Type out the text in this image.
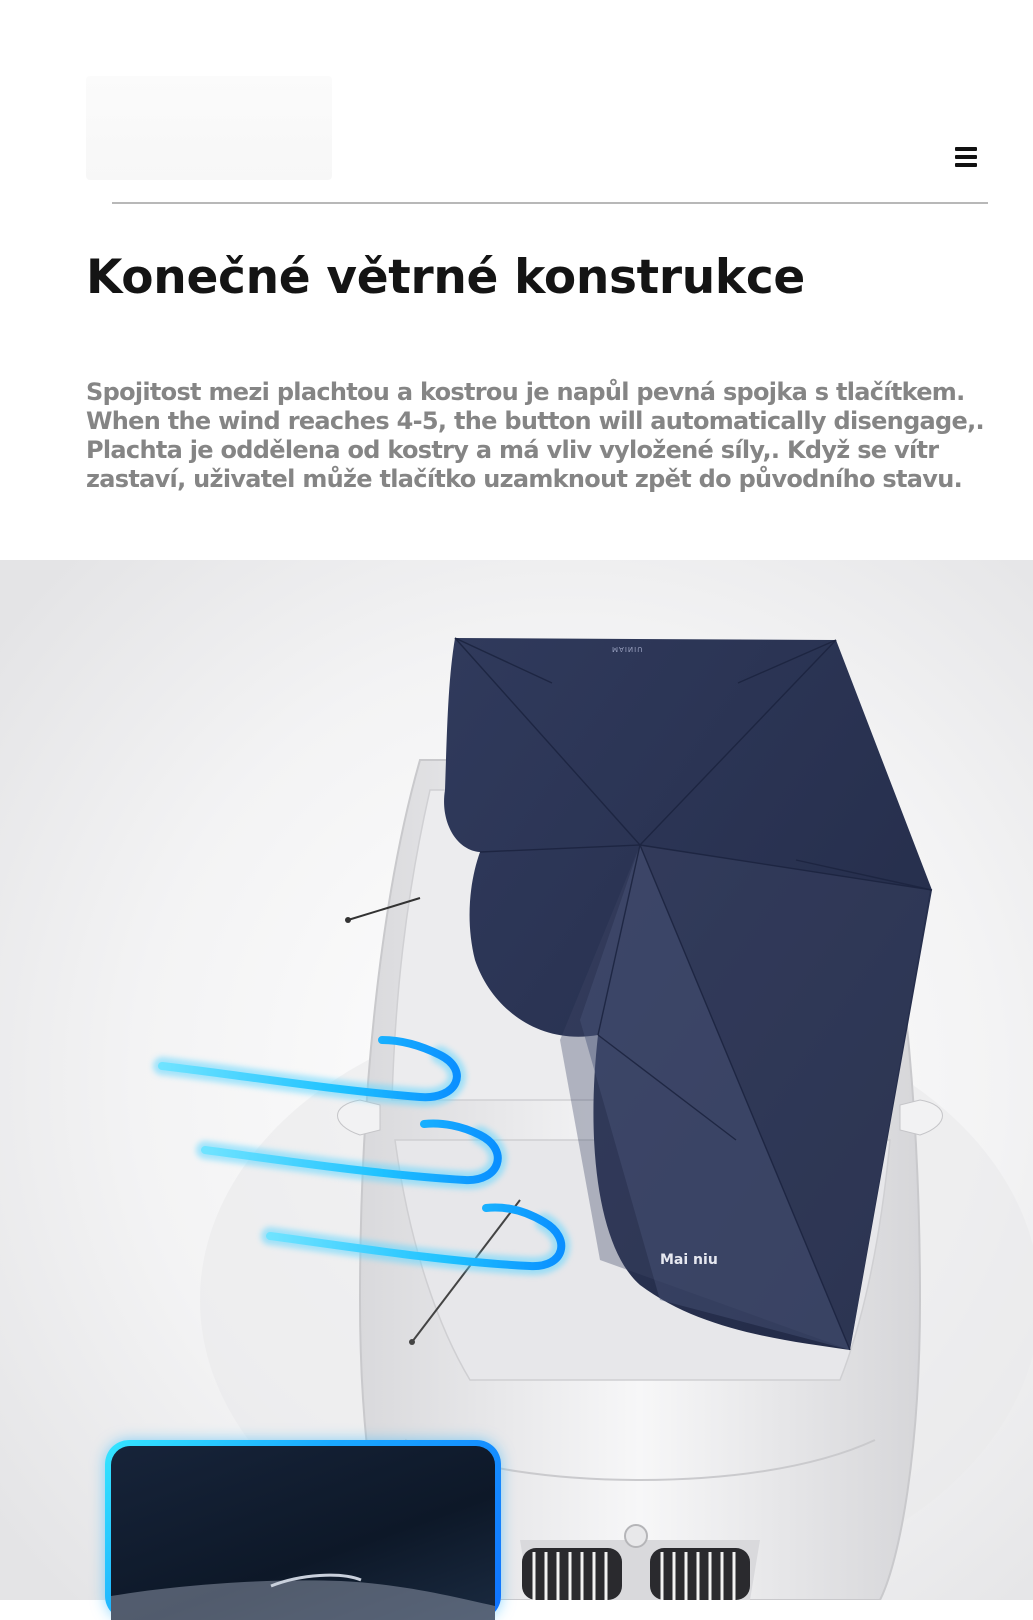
Konečné větrné konstrukce

Spojitost mezi plachtou a kostrou je napůl pevná spojka s tlačítkem.
When the wind reaches 4-5, the button will automatically disengage,.
Plachta je oddělena od kostry a má vliv vyložené síly,. Když se vítr
zastaví, uživatel může tlačítko uzamknout zpět do původního stavu.

MAINIU
Mai niu
